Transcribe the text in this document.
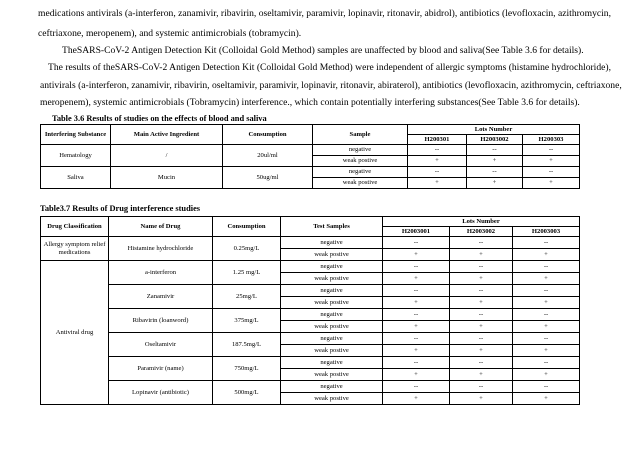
medications antivirals (a-interferon, zanamivir, ribavirin, oseltamivir, paramivir, lopinavir, ritonavir, abidrol), antibiotics (levofloxacin, azithromycin,
ceftriaxone, meropenem), and systemic antimicrobials (tobramycin).
TheSARS-CoV-2 Antigen Detection Kit (Colloidal Gold Method) samples are unaffected by blood and saliva(See Table 3.6 for details).
The results of theSARS-CoV-2 Antigen Detection Kit (Colloidal Gold Method) were independent of allergic symptoms (histamine hydrochloride),
antivirals (a-interferon, zanamivir, ribavirin, oseltamivir, paramivir, lopinavir, ritonavir, abiraterol), antibiotics (levofloxacin, azithromycin, ceftriaxone,
meropenem), systemic antimicrobials (Tobramycin) interference., which contain potentially interfering substances(See Table 3.6 for details).
Table 3.6 Results of studies on the effects of blood and saliva
Interfering Substance	Main Active Ingredient	Consumption	Sample	Lots Number		
				H200301	H2003002	H200303
Hematology	/	20ul/ml	negative	--	--	--
			weak postive	+	+	+
Saliva	Mucin	50ug/ml	negative	--	--	--
			weak postive	+	+	+
Table3.7 Results of Drug interference studies
Drug Classification	Name of Drug	Consumption	Test Samples	Lots Number		
				H2003001	H2003002	H2003003
Allergy symptom relief medications	Histamine hydrochloride	0.25mg/L	negative	--	--	--
			weak postive	+	+	+
Antiviral drug	a-interferon	1.25 mg/L	negative	--	--	--
			weak postive	+	+	+
	Zanamivir	25mg/L	negative	--	--	--
			weak postive	+	+	+
	Ribavirin (loanword)	375mg/L	negative	--	--	--
			weak postive	+	+	+
	Oseltamivir	187.5mg/L	negative	--	--	--
			weak postive	+	+	+
	Paramivir (name)	750mg/L	negative	--	--	--
			weak postive	+	+	+
	Lopinavir (antibiotic)	500mg/L	negative	--	--	--
			weak postive	+	+	+
